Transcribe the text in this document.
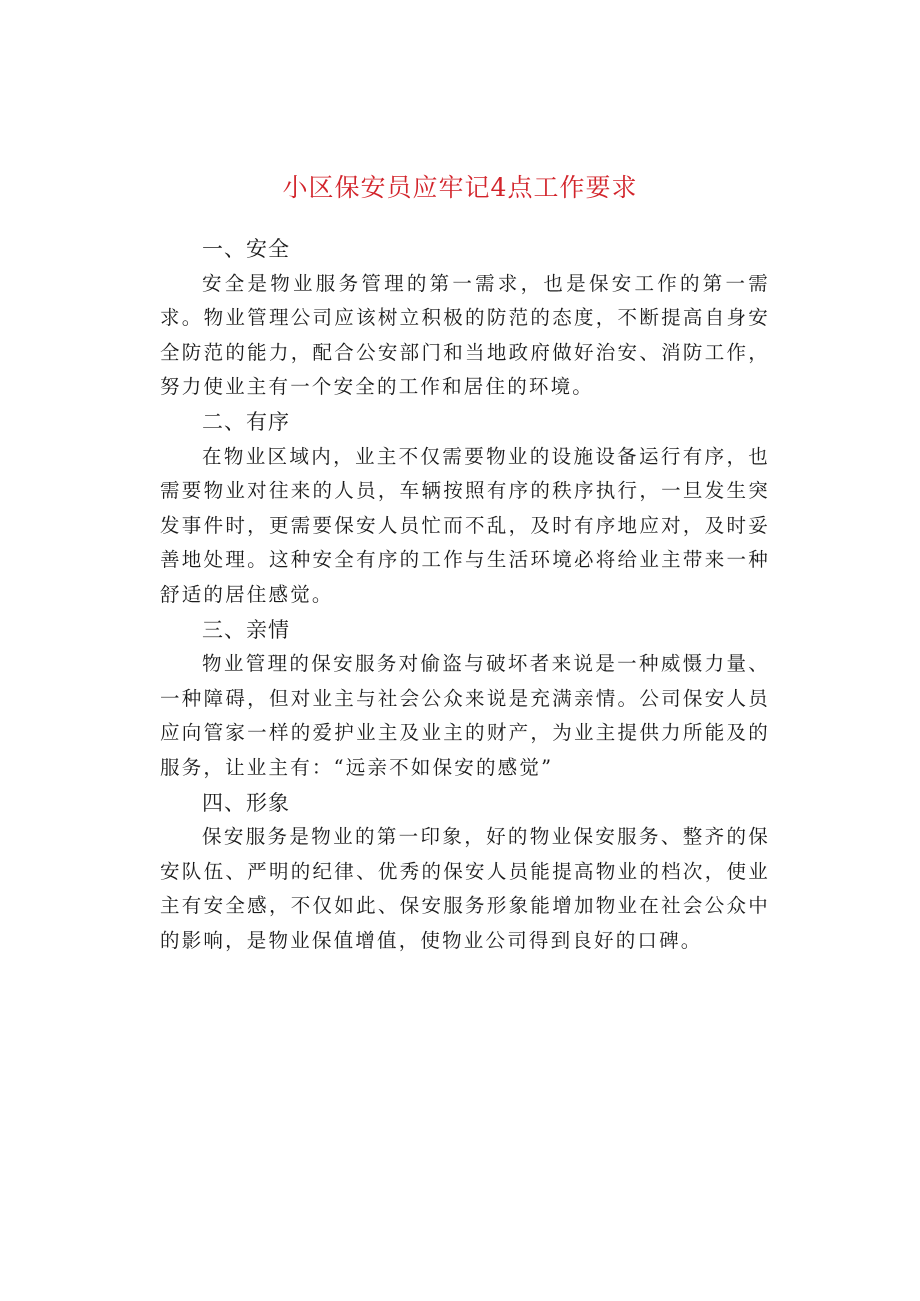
小区保安员应牢记4点工作要求
一、安全

安全是物业服务管理的第一需求，也是保安工作的第一需求。物业管理公司应该树立积极的防范的态度，不断提高自身安全防范的能力，配合公安部门和当地政府做好治安、消防工作，努力使业主有一个安全的工作和居住的环境。

二、有序

在物业区域内，业主不仅需要物业的设施设备运行有序，也需要物业对往来的人员，车辆按照有序的秩序执行，一旦发生突发事件时，更需要保安人员忙而不乱，及时有序地应对，及时妥善地处理。这种安全有序的工作与生活环境必将给业主带来一种舒适的居住感觉。

三、亲情

物业管理的保安服务对偷盗与破坏者来说是一种威慑力量、一种障碍，但对业主与社会公众来说是充满亲情。公司保安人员应向管家一样的爱护业主及业主的财产，为业主提供力所能及的服务，让业主有：“远亲不如保安的感觉”

四、形象

保安服务是物业的第一印象，好的物业保安服务、整齐的保安队伍、严明的纪律、优秀的保安人员能提高物业的档次，使业主有安全感，不仅如此、保安服务形象能增加物业在社会公众中的影响，是物业保值增值，使物业公司得到良好的口碑。
